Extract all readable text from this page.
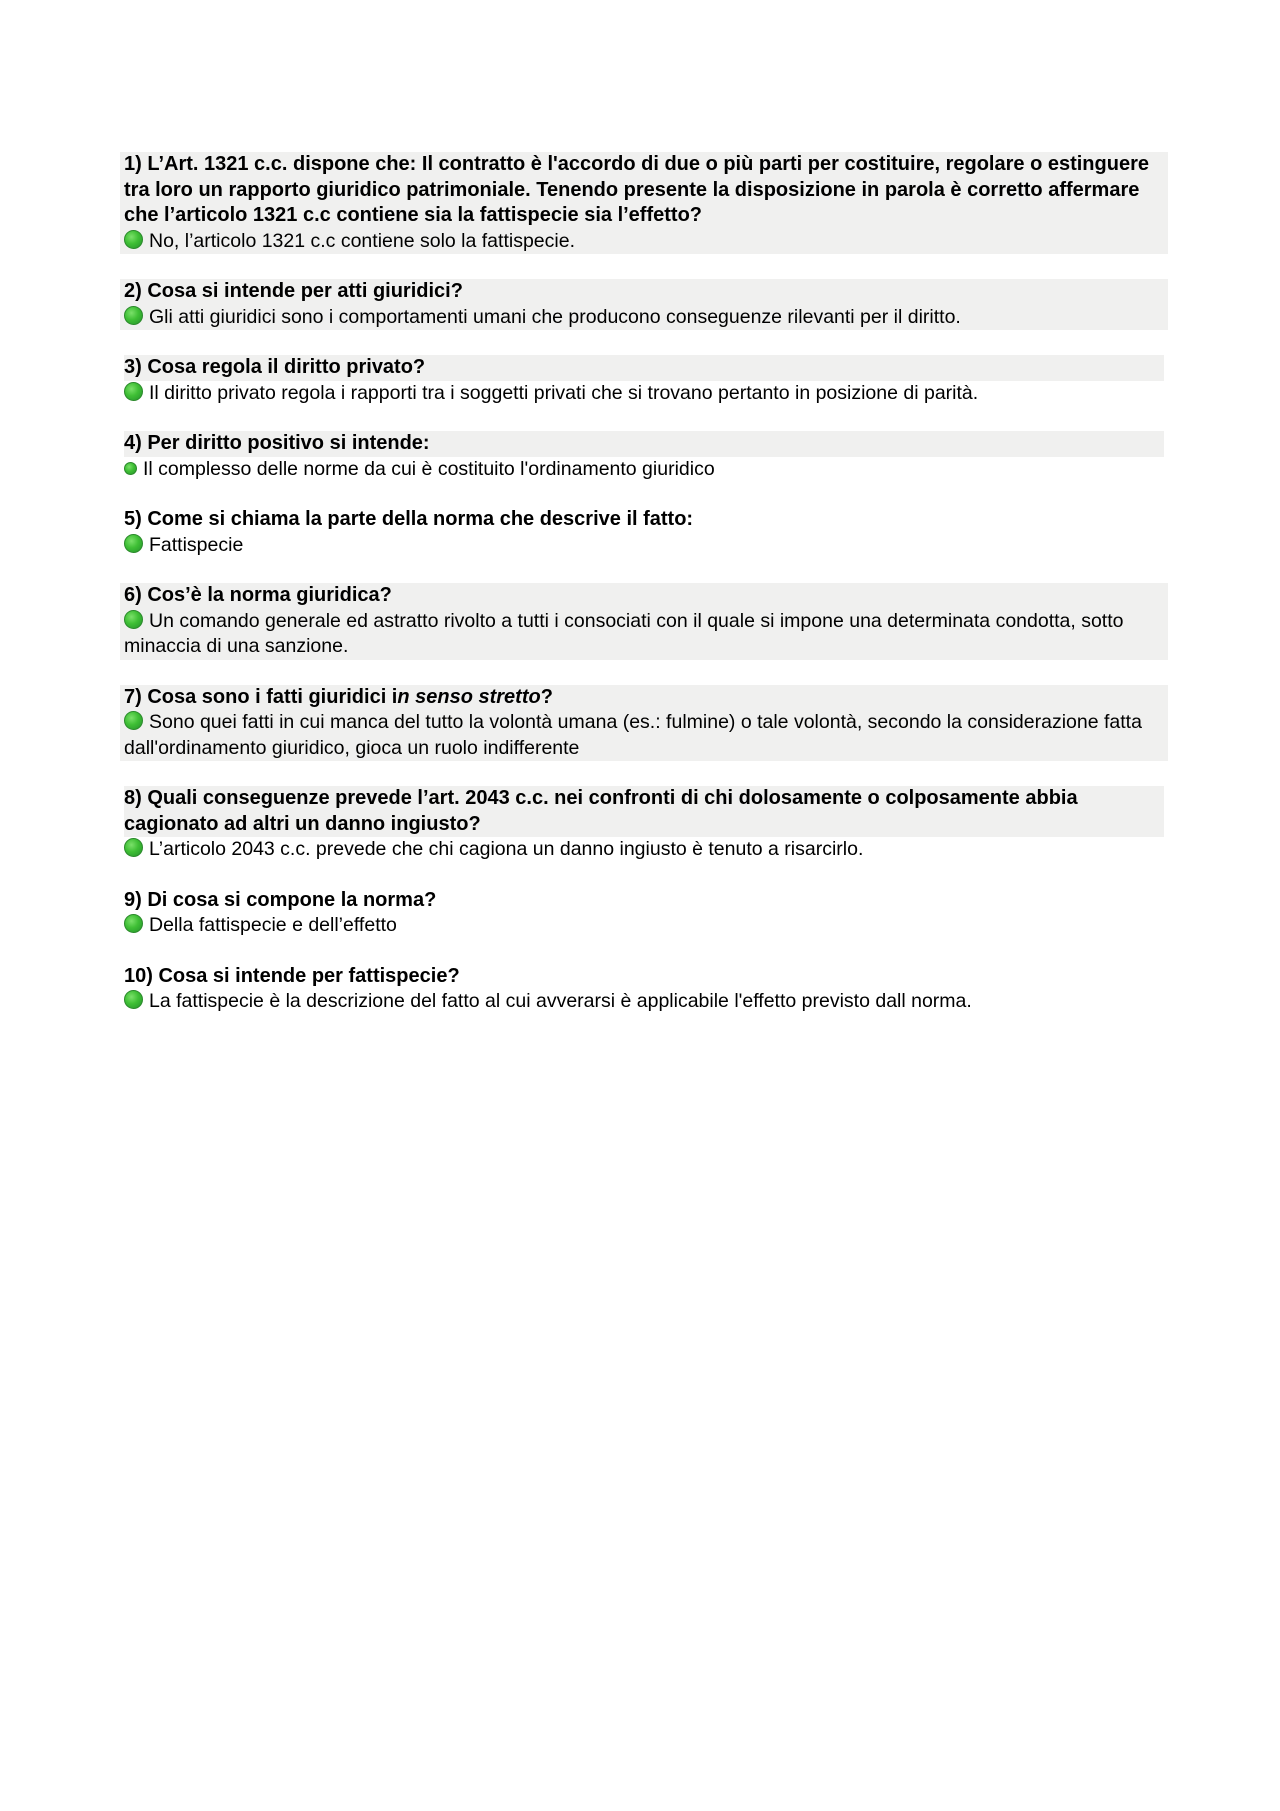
1) L’Art. 1321 c.c. dispone che: Il contratto è l'accordo di due o più parti per costituire, regolare o estinguere tra loro un rapporto giuridico patrimoniale. Tenendo presente la disposizione in parola è corretto affermare che l’articolo 1321 c.c contiene sia la fattispecie sia l’effetto?

No, l’articolo 1321 c.c contiene solo la fattispecie.

2) Cosa si intende per atti giuridici?

Gli atti giuridici sono i comportamenti umani che producono conseguenze rilevanti per il diritto.

3) Cosa regola il diritto privato?

Il diritto privato regola i rapporti tra i soggetti privati che si trovano pertanto in posizione di parità.

4) Per diritto positivo si intende:

Il complesso delle norme da cui è costituito l'ordinamento giuridico

5) Come si chiama la parte della norma che descrive il fatto:

Fattispecie

6) Cos’è la norma giuridica?

Un comando generale ed astratto rivolto a tutti i consociati con il quale si impone una determinata condotta, sotto minaccia di una sanzione.

7) Cosa sono i fatti giuridici in senso stretto?

Sono quei fatti in cui manca del tutto la volontà umana (es.: fulmine) o tale volontà, secondo la considerazione fatta dall'ordinamento giuridico, gioca un ruolo indifferente

8) Quali conseguenze prevede l’art. 2043 c.c. nei confronti di chi dolosamente o colposamente abbia cagionato ad altri un danno ingiusto?

L’articolo 2043 c.c. prevede che chi cagiona un danno ingiusto è tenuto a risarcirlo.

9) Di cosa si compone la norma?

Della fattispecie e dell’effetto

10) Cosa si intende per fattispecie?

La fattispecie è la descrizione del fatto al cui avverarsi è applicabile l'effetto previsto dall norma.
